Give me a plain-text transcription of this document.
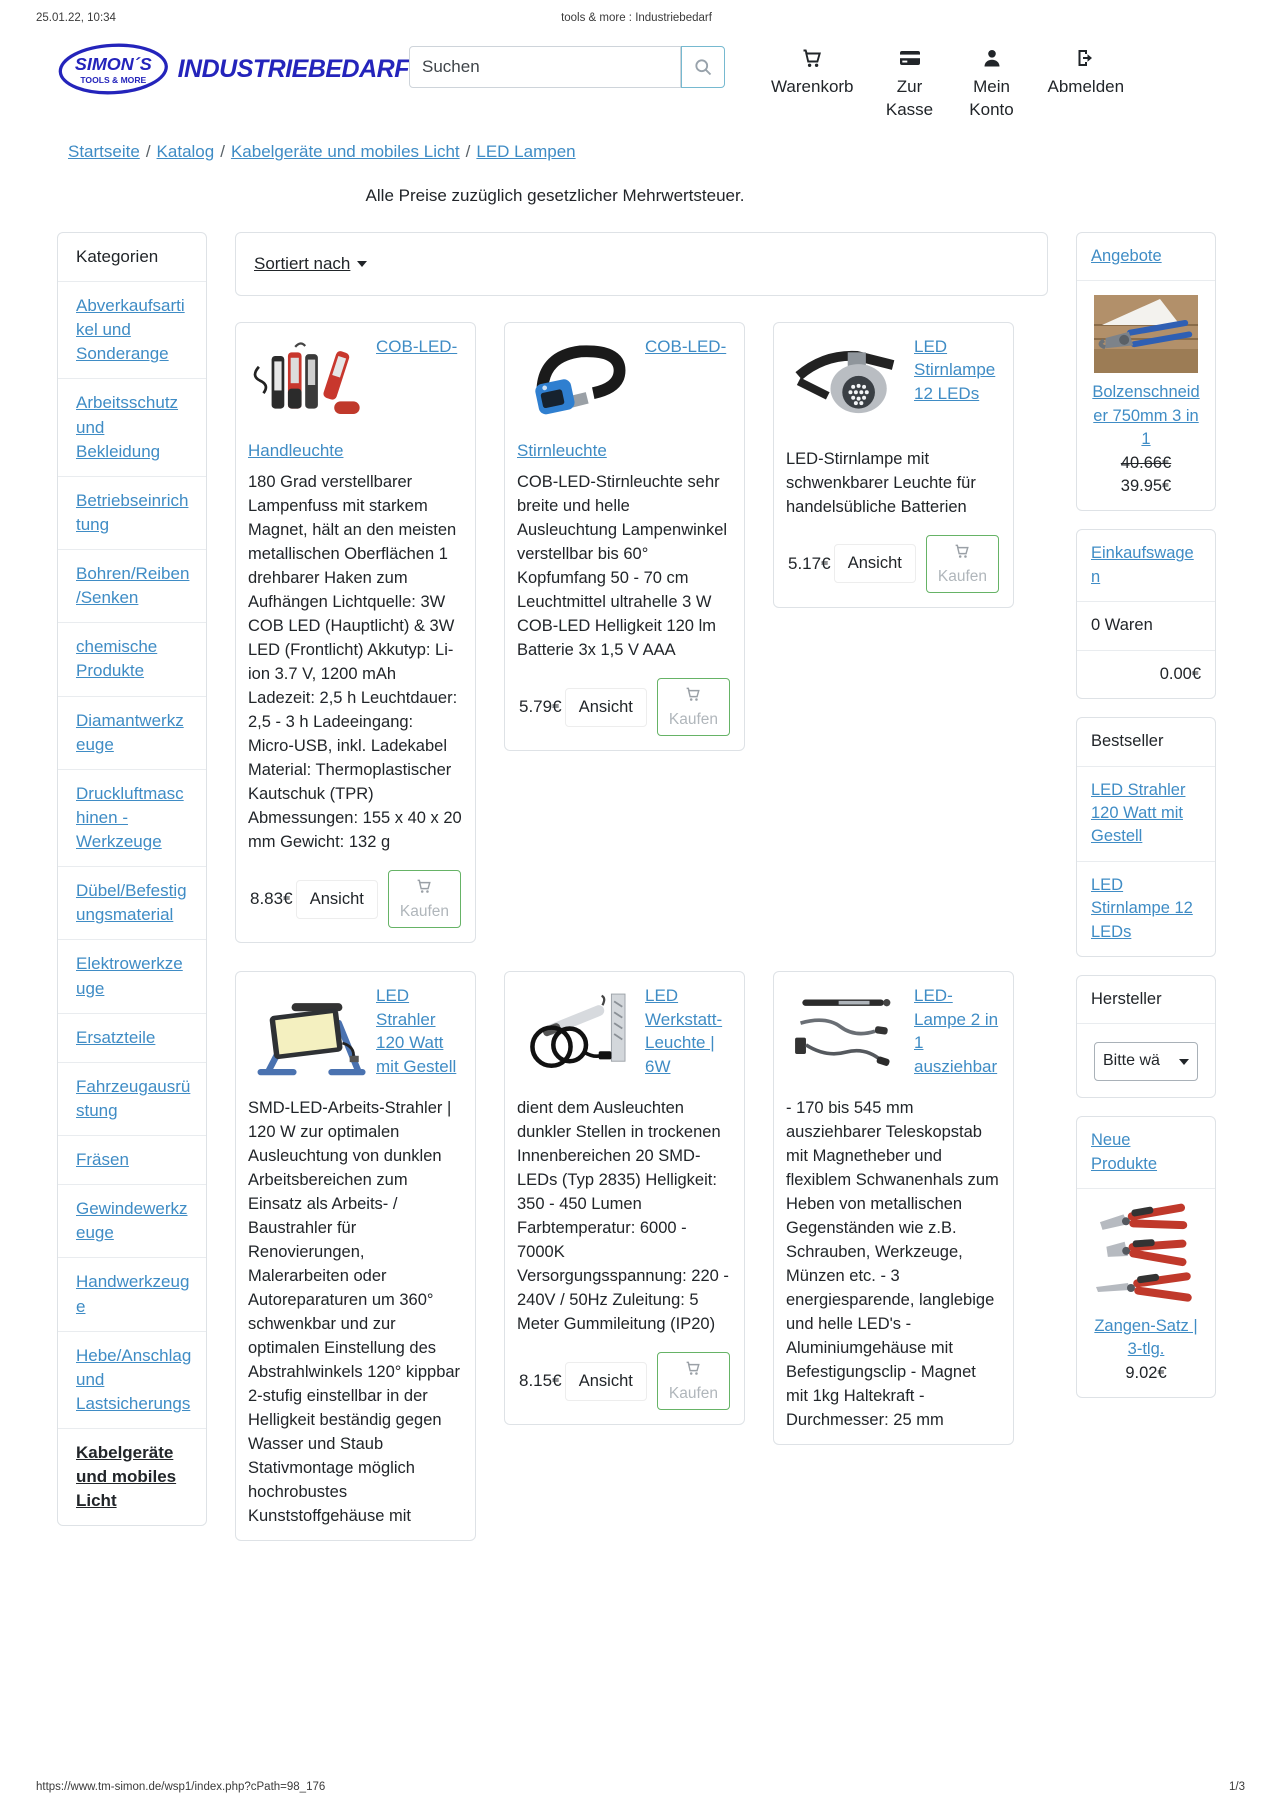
25.01.22, 10:34	tools & more : Industriebedarf
SIMON´S
TOOLS & MORE INDUSTRIEBEDARF
Suchen
Warenkorb	Zur Kasse
Mein Konto
Abmelden
Startseite / Katalog / Kabelgeräte und mobiles Licht / LED Lampen
Alle Preise zuzüglich gesetzlicher Mehrwertsteuer.
Kategorien
Abverkaufsartikel und Sonderange
Arbeitsschutz und Bekleidung
Betriebseinrichtung
Bohren/Reiben/Senken
chemische Produkte
Diamantwerkzeuge
Druckluftmaschinen - Werkzeuge
Dübel/Befestigungsmaterial
Elektrowerkzeuge
Ersatzteile
Fahrzeugausrüstung
Fräsen
Gewindewerkzeuge
Handwerkzeuge
Hebe/Anschlag und Lastsicherungs
Kabelgeräte und mobiles Licht
Sortiert nach
COB-LED-Handleuchte

180 Grad verstellbarer Lampenfuss mit starkem Magnet, hält an den meisten metallischen Oberflächen 1 drehbarer Haken zum Aufhängen Lichtquelle: 3W COB LED (Hauptlicht) & 3W LED (Frontlicht) Akkutyp: Li-ion 3.7 V, 1200 mAh Ladezeit: 2,5 h Leuchtdauer: 2,5 - 3 h Ladeeingang: Micro-USB, inkl. Ladekabel Material: Thermoplastischer Kautschuk (TPR) Abmessungen: 155 x 40 x 20 mm Gewicht: 132 g

8.83€	Ansicht
Kaufen
COB-LED-Stirnleuchte

COB-LED-Stirnleuchte sehr breite und helle Ausleuchtung Lampenwinkel verstellbar bis 60° Kopfumfang 50 - 70 cm Leuchtmittel ultrahelle 3 W COB-LED Helligkeit 120 lm Batterie 3x 1,5 V AAA

5.79€	Ansicht
Kaufen
LED Stirnlampe 12 LEDs

LED-Stirnlampe mit schwenkbarer Leuchte für handelsübliche Batterien

5.17€	Ansicht
Kaufen
LED Strahler 120 Watt mit Gestell

SMD-LED-Arbeits-Strahler | 120 W zur optimalen Ausleuchtung von dunklen Arbeitsbereichen zum Einsatz als Arbeits- / Baustrahler für Renovierungen, Malerarbeiten oder Autoreparaturen um 360° schwenkbar und zur optimalen Einstellung des Abstrahlwinkels 120° kippbar 2-stufig einstellbar in der Helligkeit beständig gegen Wasser und Staub Stativmontage möglich hochrobustes Kunststoffgehäuse mit

LED Werkstatt-Leuchte | 6W

dient dem Ausleuchten dunkler Stellen in trockenen Innenbereichen 20 SMD-LEDs (Typ 2835) Helligkeit: 350 - 450 Lumen Farbtemperatur: 6000 - 7000K Versorgungsspannung: 220 - 240V / 50Hz Zuleitung: 5 Meter Gummileitung (IP20)

8.15€	Ansicht
Kaufen
LED-Lampe 2 in 1 ausziehbar

- 170 bis 545 mm ausziehbarer Teleskopstab mit Magnetheber und flexiblem Schwanenhals zum Heben von metallischen Gegenständen wie z.B. Schrauben, Werkzeuge, Münzen etc. - 3 energiesparende, langlebige und helle LED's - Aluminiumgehäuse mit Befestigungsclip - Magnet mit 1kg Haltekraft - Durchmesser: 25 mm

Angebote
Bolzenschneider 750mm 3 in 1
40.66€
39.95€
Einkaufswagen
0 Waren
0.00€
Bestseller
LED Strahler 120 Watt mit Gestell
LED Stirnlampe 12 LEDs
Hersteller
Bitte wä
Neue Produkte
Zangen-Satz | 3-tlg.
9.02€
https://www.tm-simon.de/wsp1/index.php?cPath=98_176	1/3
